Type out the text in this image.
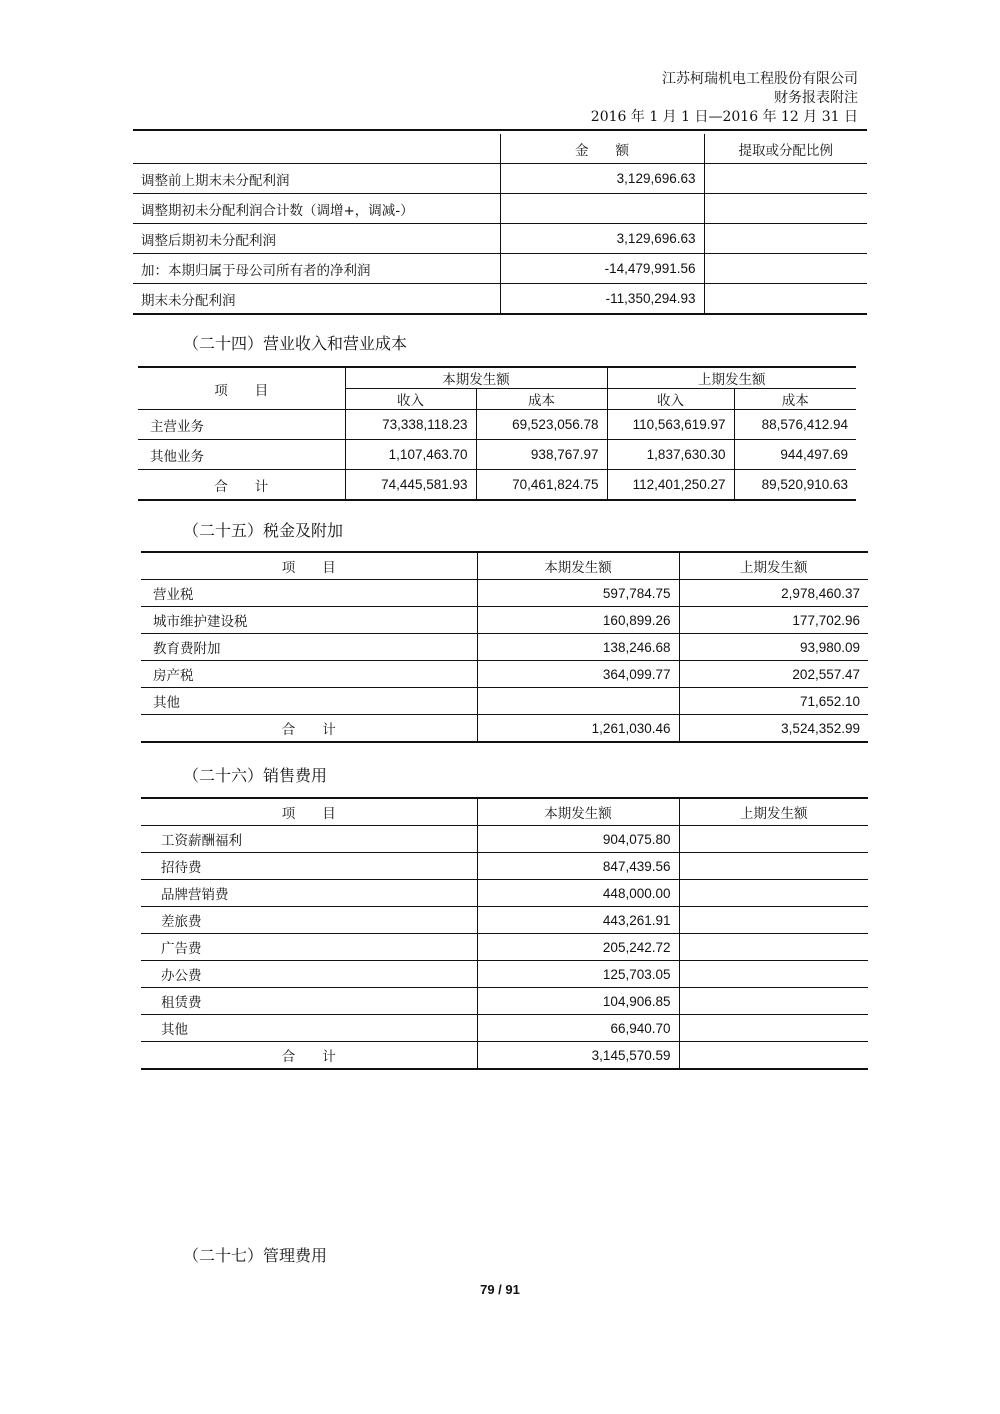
江苏柯瑞机电工程股份有限公司
财务报表附注
2016 年 1 月 1 日—2016 年 12 月 31 日
	金　　额	提取或分配比例
调整前上期末未分配利润	3,129,696.63	
调整期初未分配利润合计数（调增+，调减-）		
调整后期初未分配利润	3,129,696.63	
加：本期归属于母公司所有者的净利润	-14,479,991.56	
期末未分配利润	-11,350,294.93	
（二十四）营业收入和营业成本
项　　目	本期发生额		上期发生额	
	收入	成本	收入	成本
主营业务	73,338,118.23	69,523,056.78	110,563,619.97	88,576,412.94
其他业务	1,107,463.70	938,767.97	1,837,630.30	944,497.69
合　　计	74,445,581.93	70,461,824.75	112,401,250.27	89,520,910.63
（二十五）税金及附加
项　　目	本期发生额	上期发生额
营业税	597,784.75	2,978,460.37
城市维护建设税	160,899.26	177,702.96
教育费附加	138,246.68	93,980.09
房产税	364,099.77	202,557.47
其他		71,652.10
合　　计	1,261,030.46	3,524,352.99
（二十六）销售费用
项　　目	本期发生额	上期发生额
工资薪酬福利	904,075.80	
招待费	847,439.56	
品牌营销费	448,000.00	
差旅费	443,261.91	
广告费	205,242.72	
办公费	125,703.05	
租赁费	104,906.85	
其他	66,940.70	
合　　计	3,145,570.59	
（二十七）管理费用
79 / 91
